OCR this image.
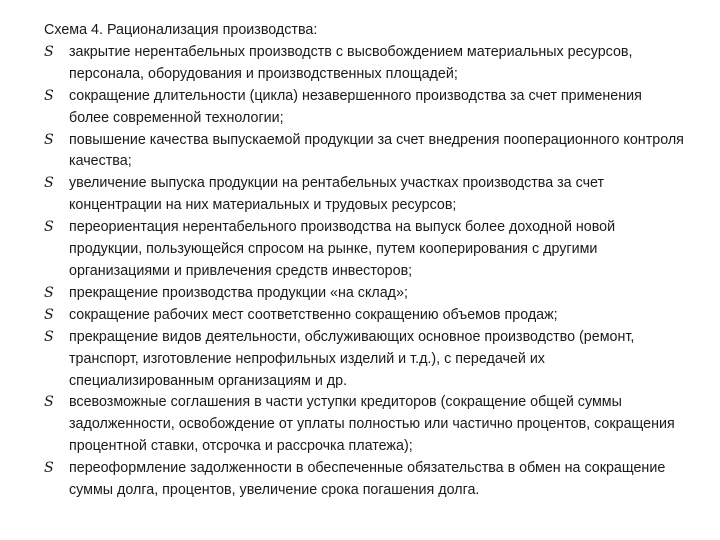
Схема 4. Рационализация производства:

S	закрытие нерентабельных производств с высвобождением материальных ресурсов, персонала, оборудования и производственных площадей;
S	сокращение длительности (цикла) незавершенного производства за счет применения более современной технологии;
S	повышение качества выпускаемой продукции за счет внедрения пооперационного контроля качества;
S	увеличение выпуска продукции на рентабельных участках производства за счет концентрации на них материальных и трудовых ресурсов;
S	переориентация нерентабельного производства на выпуск более доходной новой продукции, пользующейся спросом на рынке, путем кооперирования с другими организациями и привлечения средств инвесторов;
S	прекращение производства продукции «на склад»;
S	сокращение рабочих мест соответственно сокращению объемов продаж;
S	прекращение видов деятельности, обслуживающих основное производство (ремонт, транспорт, изготовление непрофильных изделий и т.д.), с передачей их специализированным организациям и др.
S	всевозможные соглашения в части уступки кредиторов (сокращение общей суммы задолженности, освобождение от уплаты полностью или частично процентов, сокращения процентной ставки, отсрочка и рассрочка платежа);
S	переоформление задолженности в обеспеченные обязательства в обмен на сокращение суммы долга, процентов, увеличение срока погашения долга.
